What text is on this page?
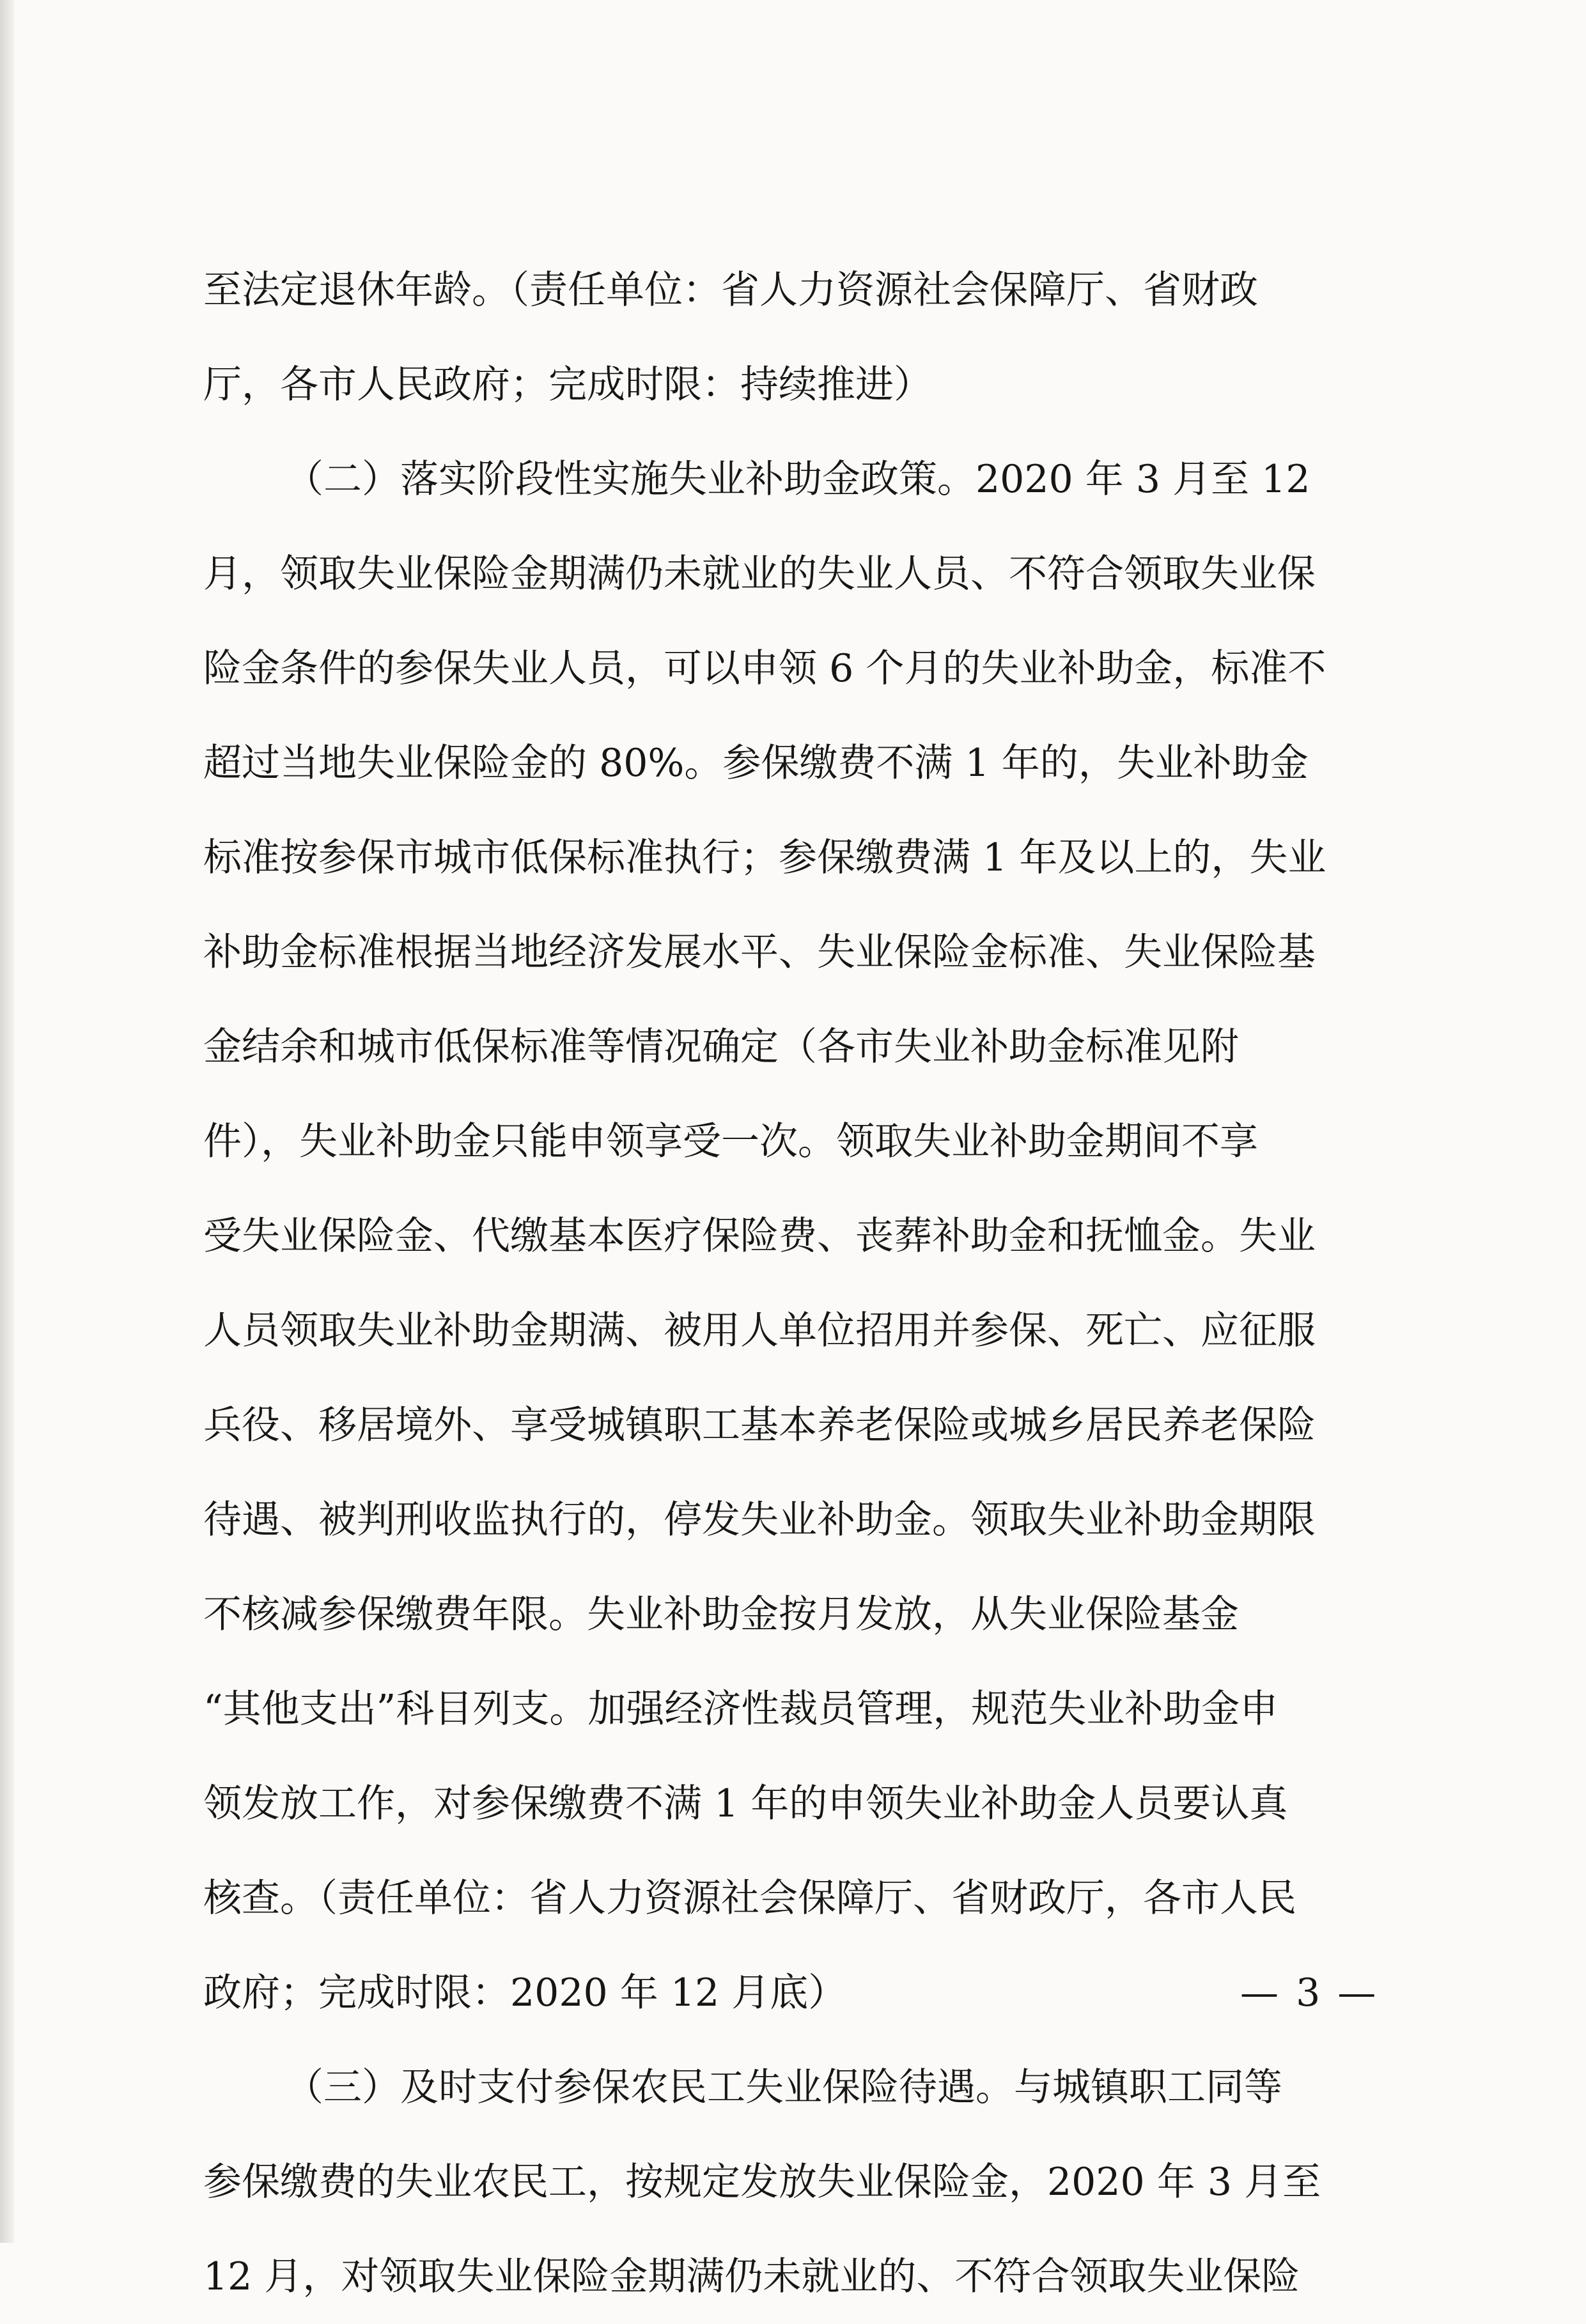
至法定退休年龄。（责任单位：省人力资源社会保障厅、省财政
厅，各市人民政府；完成时限：持续推进）
（二）落实阶段性实施失业补助金政策。2020 年 3 月至 12
月，领取失业保险金期满仍未就业的失业人员、不符合领取失业保
险金条件的参保失业人员，可以申领 6 个月的失业补助金，标准不
超过当地失业保险金的 80%。参保缴费不满 1 年的，失业补助金
标准按参保市城市低保标准执行；参保缴费满 1 年及以上的，失业
补助金标准根据当地经济发展水平、失业保险金标准、失业保险基
金结余和城市低保标准等情况确定（各市失业补助金标准见附
件），失业补助金只能申领享受一次。领取失业补助金期间不享
受失业保险金、代缴基本医疗保险费、丧葬补助金和抚恤金。失业
人员领取失业补助金期满、被用人单位招用并参保、死亡、应征服
兵役、移居境外、享受城镇职工基本养老保险或城乡居民养老保险
待遇、被判刑收监执行的，停发失业补助金。领取失业补助金期限
不核减参保缴费年限。失业补助金按月发放，从失业保险基金
“其他支出”科目列支。加强经济性裁员管理，规范失业补助金申
领发放工作，对参保缴费不满 1 年的申领失业补助金人员要认真
核查。（责任单位：省人力资源社会保障厅、省财政厅，各市人民
政府；完成时限：2020 年 12 月底）
（三）及时支付参保农民工失业保险待遇。与城镇职工同等
参保缴费的失业农民工，按规定发放失业保险金，2020 年 3 月至
12 月，对领取失业保险金期满仍未就业的、不符合领取失业保险
— 3 —
